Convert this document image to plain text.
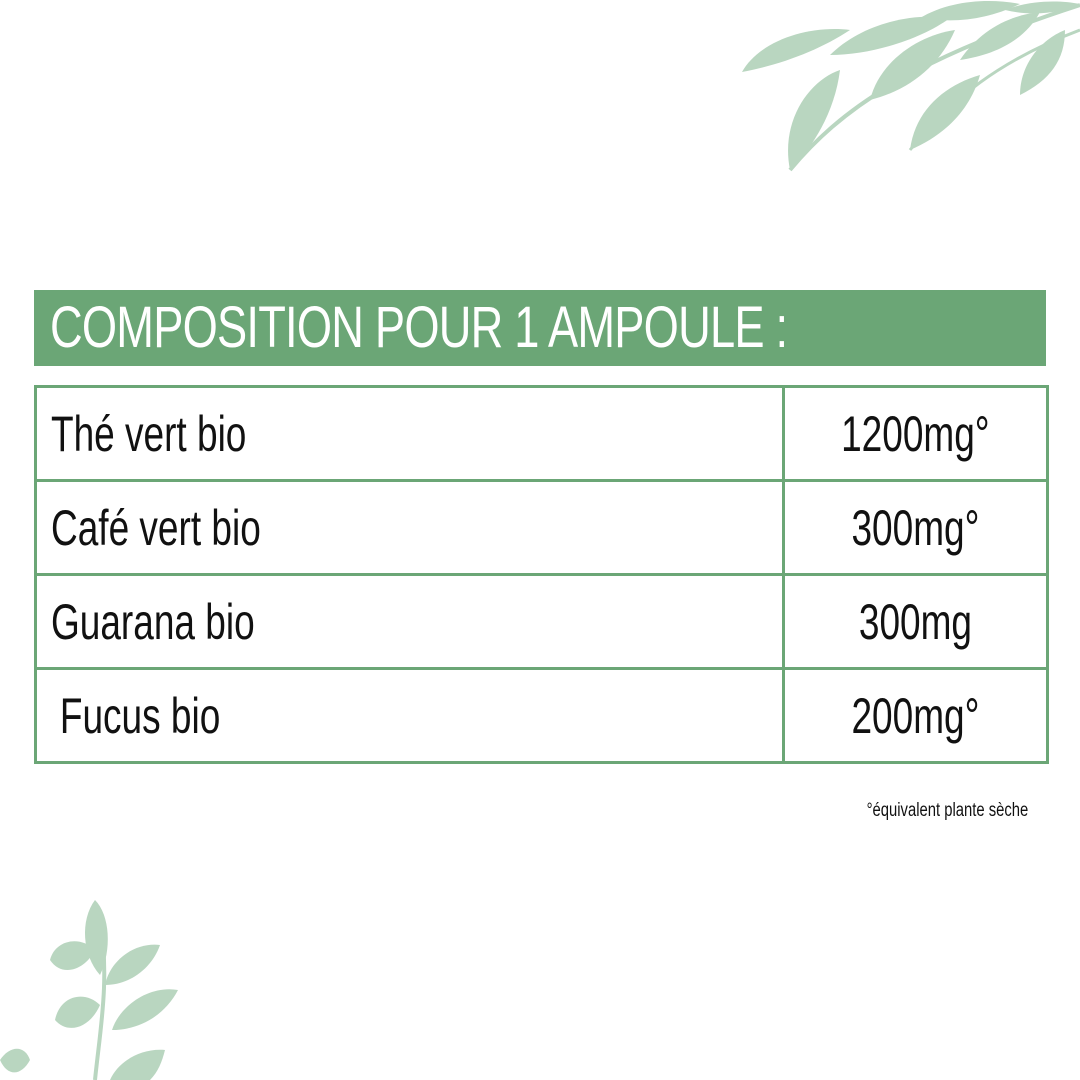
COMPOSITION POUR 1 AMPOULE :
Thé vert bio	1200mg°
Café vert bio	300mg°
Guarana bio	300mg
Fucus bio	200mg°
°équivalent plante sèche
